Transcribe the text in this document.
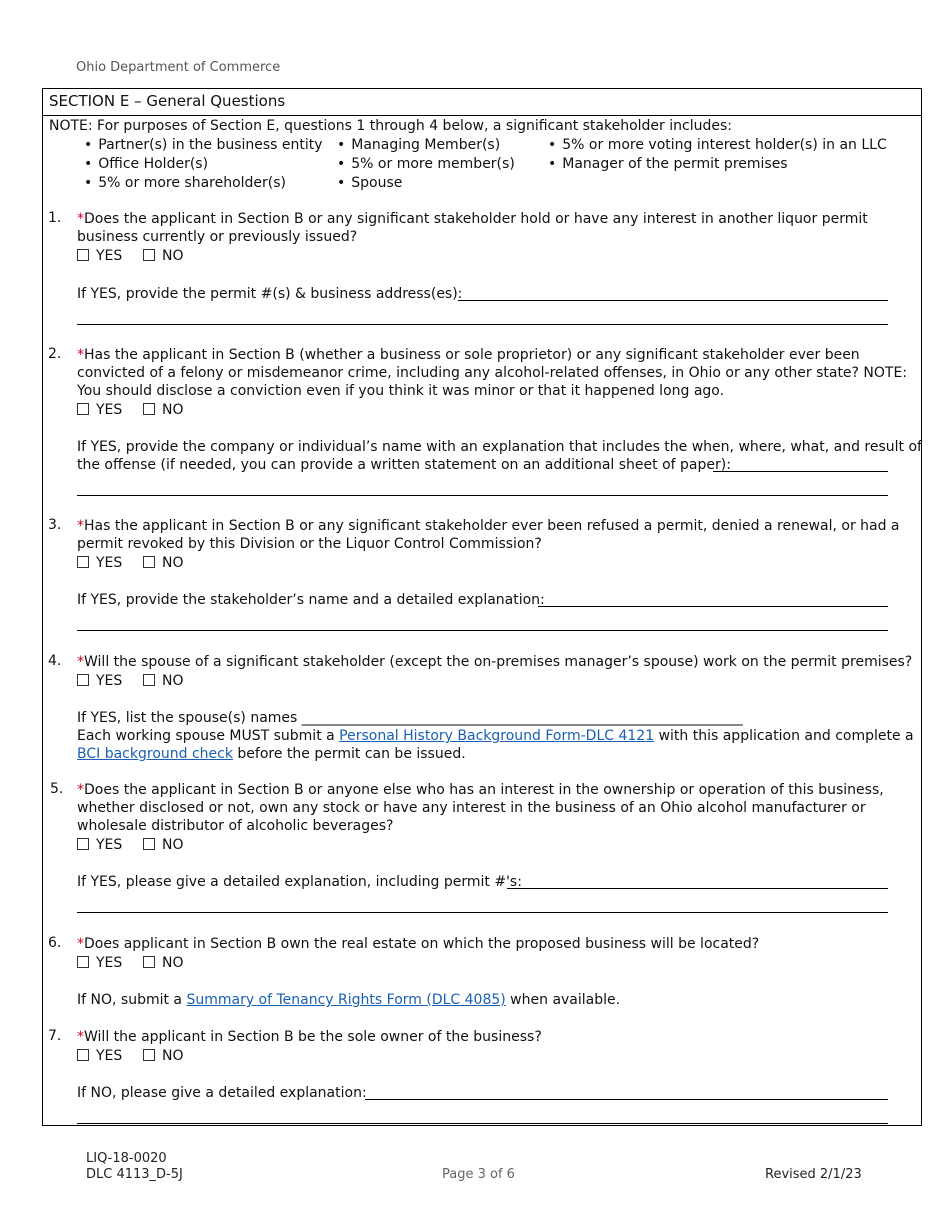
Ohio Department of Commerce
SECTION E – General Questions
NOTE: For purposes of Section E, questions 1 through 4 below, a significant stakeholder includes:
• Partner(s) in the business entity
• Office Holder(s)
• 5% or more shareholder(s)
• Managing Member(s)
• 5% or more member(s)
• Spouse
• 5% or more voting interest holder(s) in an LLC
• Manager of the permit premises
1. *Does the applicant in Section B or any significant stakeholder hold or have any interest in another liquor permit
business currently or previously issued?
YES	NO
If YES, provide the permit #(s) & business address(es):
2. *Has the applicant in Section B (whether a business or sole proprietor) or any significant stakeholder ever been
convicted of a felony or misdemeanor crime, including any alcohol-related offenses, in Ohio or any other state? NOTE:
You should disclose a conviction even if you think it was minor or that it happened long ago.
YES	NO
If YES, provide the company or individual’s name with an explanation that includes the when, where, what, and result of
the offense (if needed, you can provide a written statement on an additional sheet of paper):
3. *Has the applicant in Section B or any significant stakeholder ever been refused a permit, denied a renewal, or had a
permit revoked by this Division or the Liquor Control Commission?
YES	NO
If YES, provide the stakeholder’s name and a detailed explanation:
4. *Will the spouse of a significant stakeholder (except the on-premises manager’s spouse) work on the permit premises?
YES	NO
If YES, list the spouse(s) names _______________________________________________________________
Each working spouse MUST submit a Personal History Background Form-DLC 4121 with this application and complete a
BCI background check before the permit can be issued.
5. *Does the applicant in Section B or anyone else who has an interest in the ownership or operation of this business,
whether disclosed or not, own any stock or have any interest in the business of an Ohio alcohol manufacturer or
wholesale distributor of alcoholic beverages?
YES	NO
If YES, please give a detailed explanation, including permit #'s:
6. *Does applicant in Section B own the real estate on which the proposed business will be located?
YES	NO
If NO, submit a Summary of Tenancy Rights Form (DLC 4085) when available.
7. *Will the applicant in Section B be the sole owner of the business?
YES	NO
If NO, please give a detailed explanation:
LIQ-18-0020
DLC 4113_D-5J	Page 3 of 6	Revised 2/1/23
